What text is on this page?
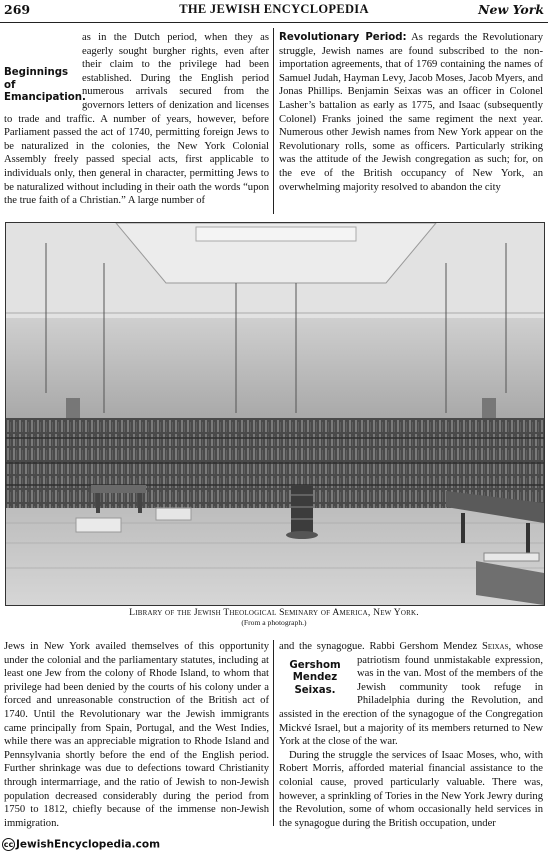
269	THE JEWISH ENCYCLOPEDIA	New York

Beginnings of Emancipation.
as in the Dutch period, when they as eagerly sought burgher rights, even after their claim to the privilege had been established. During the English period numerous arrivals secured from the governors letters of denization and licenses to trade and traffic. A number of years, however, before Parliament passed the act of 1740, permitting foreign Jews to be naturalized in the colonies, the New York Colonial Assembly freely passed special acts, first applicable to individuals only, then general in character, permitting Jews to be naturalized without including in their oath the words “upon the true faith of a Christian.” A large number of

Revolutionary Period: As regards the Revolutionary struggle, Jewish names are found subscribed to the non-importation agreements, that of 1769 containing the names of Samuel Judah, Hayman Levy, Jacob Moses, Jacob Myers, and Jonas Phillips. Benjamin Seixas was an officer in Colonel Lasher’s battalion as early as 1775, and Isaac (subsequently Colonel) Franks joined the same regiment the next year. Numerous other Jewish names from New York appear on the Revolutionary rolls, some as officers. Particularly striking was the attitude of the Jewish congregation as such; for, on the eve of the British occupancy of New York, an overwhelming majority resolved to abandon the city

Library of the Jewish Theological Seminary of America, New York.
(From a photograph.)

Jews in New York availed themselves of this opportunity under the colonial and the parliamentary statutes, including at least one Jew from the colony of Rhode Island, to whom that privilege had been denied by the courts of his colony under a forced and unreasonable construction of the British act of 1740. Until the Revolutionary war the Jewish immigrants came principally from Spain, Portugal, and the West Indies, while there was an appreciable migration to Rhode Island and Pennsylvania shortly before the end of the English period. Further shrinkage was due to defections toward Christianity through intermarriage, and the ratio of Jewish to non-Jewish population decreased considerably during the period from 1750 to 1812, chiefly because of the immense non-Jewish immigration.

and the synagogue. Rabbi Gershom Mendez Seixas
Gershom Mendez Seixas.
, whose patriotism found unmistakable expression, was in the van. Most of the members of the Jewish community took refuge in Philadelphia during the Revolution, and assisted in the erection of the synagogue of the Congregation Mickvé Israel, but a majority of its members returned to New York at the close of the war.

During the struggle the services of Isaac Moses, who, with Robert Morris, afforded material financial assistance to the colonial cause, proved particularly valuable. There was, however, a sprinkling of Tories in the New York Jewry during the Revolution, some of whom occasionally held services in the synagogue during the British occupation, under

cc JewishEncyclopedia.com
